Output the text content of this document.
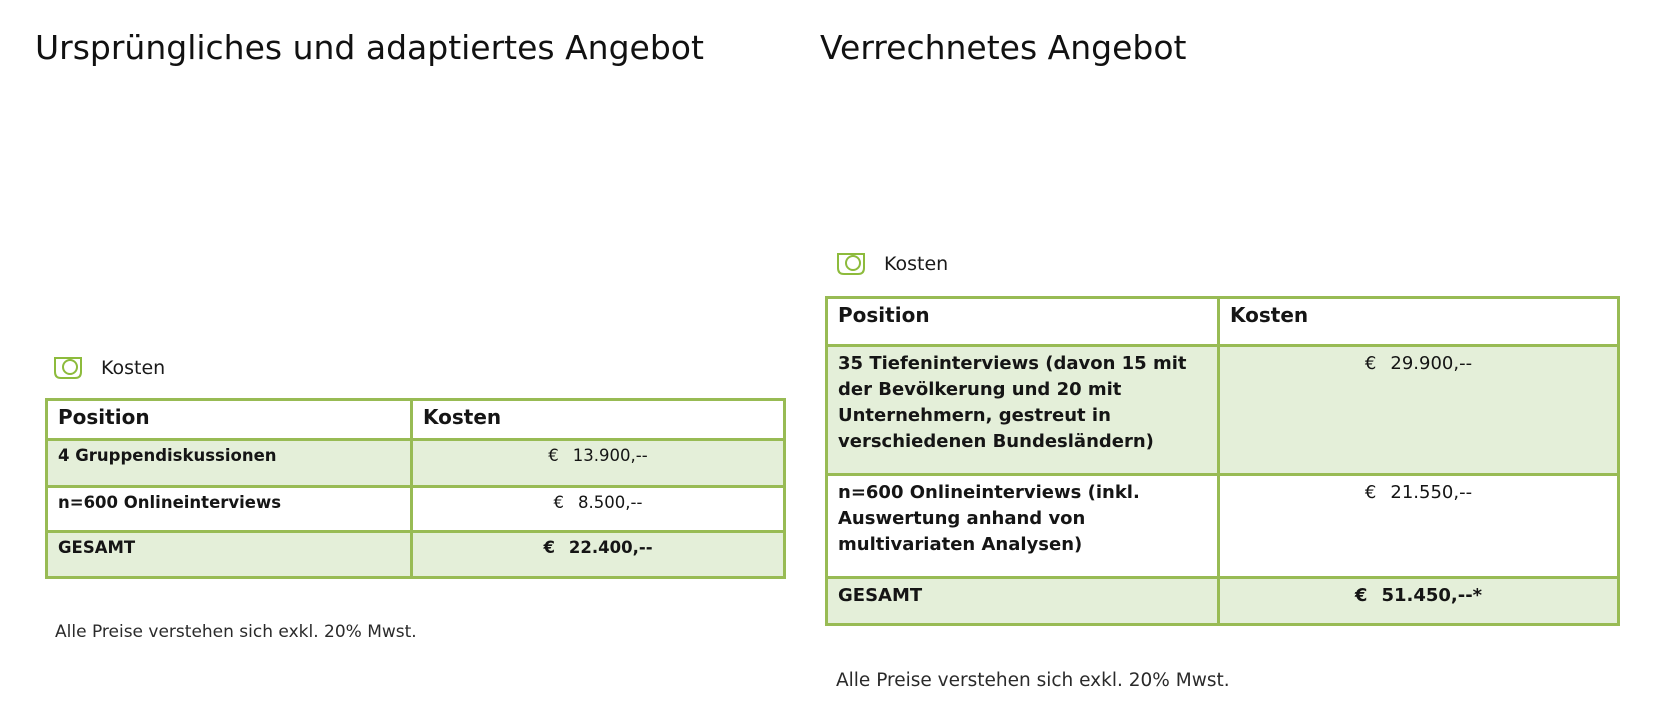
Ursprüngliches und adaptiertes Angebot	Verrechnetes Angebot
Kosten
Position	Kosten
4 Gruppendiskussionen	€ 13.900,--
n=600 Onlineinterviews	€ 8.500,--
GESAMT	€ 22.400,--
Alle Preise verstehen sich exkl. 20% Mwst.
Kosten
Position	Kosten
35 Tiefeninterviews (davon 15 mit der Bevölkerung und 20 mit Unternehmern, gestreut in verschiedenen Bundesländern)	€ 29.900,--
n=600 Onlineinterviews (inkl. Auswertung anhand von multivariaten Analysen)	€ 21.550,--
GESAMT	€ 51.450,--*
Alle Preise verstehen sich exkl. 20% Mwst.
